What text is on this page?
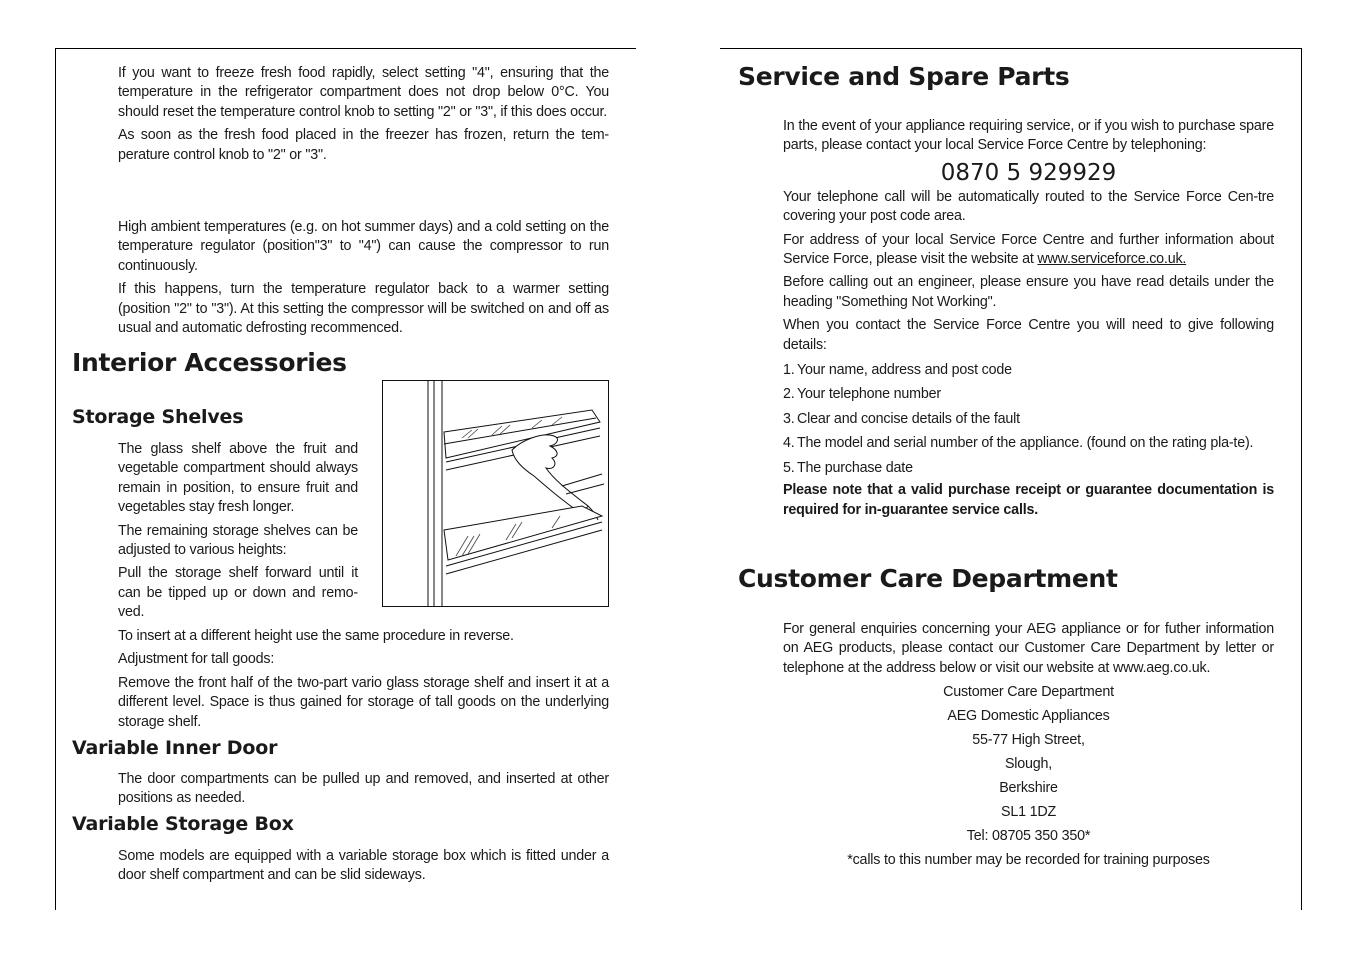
If you want to freeze fresh food rapidly, select setting "4", ensuring that the temperature in the refrigerator compartment does not drop below 0°C. You should reset the temperature control knob to setting "2" or "3", if this does occur.

As soon as the fresh food placed in the freezer has frozen, return the tem-perature control knob to "2" or "3".

High ambient temperatures (e.g. on hot summer days) and a cold setting on the temperature regulator (position"3" to "4") can cause the compressor to run continuously.

If this happens, turn the temperature regulator back to a warmer setting (position "2" to "3"). At this setting the compressor will be switched on and off as usual and automatic defrosting recommenced.

Interior Accessories
Storage Shelves

The glass shelf above the fruit and vegetable compartment should always remain in position, to ensure fruit and vegetables stay fresh longer.

The remaining storage shelves can be adjusted to various heights:

Pull the storage shelf forward until it can be tipped up or down and remo-ved.

To insert at a different height use the same procedure in reverse.

Adjustment for tall goods:

Remove the front half of the two-part vario glass storage shelf and insert it at a different level. Space is thus gained for storage of tall goods on the underlying storage shelf.

Variable Inner Door

The door compartments can be pulled up and removed, and inserted at other positions as needed.

Variable Storage Box

Some models are equipped with a variable storage box which is fitted under a door shelf compartment and can be slid sideways.

Service and Spare Parts

In the event of your appliance requiring service, or if you wish to purchase spare parts, please contact your local Service Force Centre by telephoning:

0870 5 929929

Your telephone call will be automatically routed to the Service Force Cen-tre covering your post code area.

For address of your local Service Force Centre and further information about Service Force, please visit the website at www.serviceforce.co.uk.

Before calling out an engineer, please ensure you have read details under the heading "Something Not Working".

When you contact the Service Force Centre you will need to give following details:

1. Your name, address and post code
2. Your telephone number
3. Clear and concise details of the fault
4. The model and serial number of the appliance. (found on the rating pla-te).
5. The purchase date

Please note that a valid purchase receipt or guarantee documentation is required for in-guarantee service calls.

Customer Care Department

For general enquiries concerning your AEG appliance or for futher information on AEG products, please contact our Customer Care Department by letter or telephone at the address below or visit our website at www.aeg.co.uk.

Customer Care Department

AEG Domestic Appliances

55-77 High Street,

Slough,

Berkshire

SL1 1DZ

Tel: 08705 350 350*

*calls to this number may be recorded for training purposes
